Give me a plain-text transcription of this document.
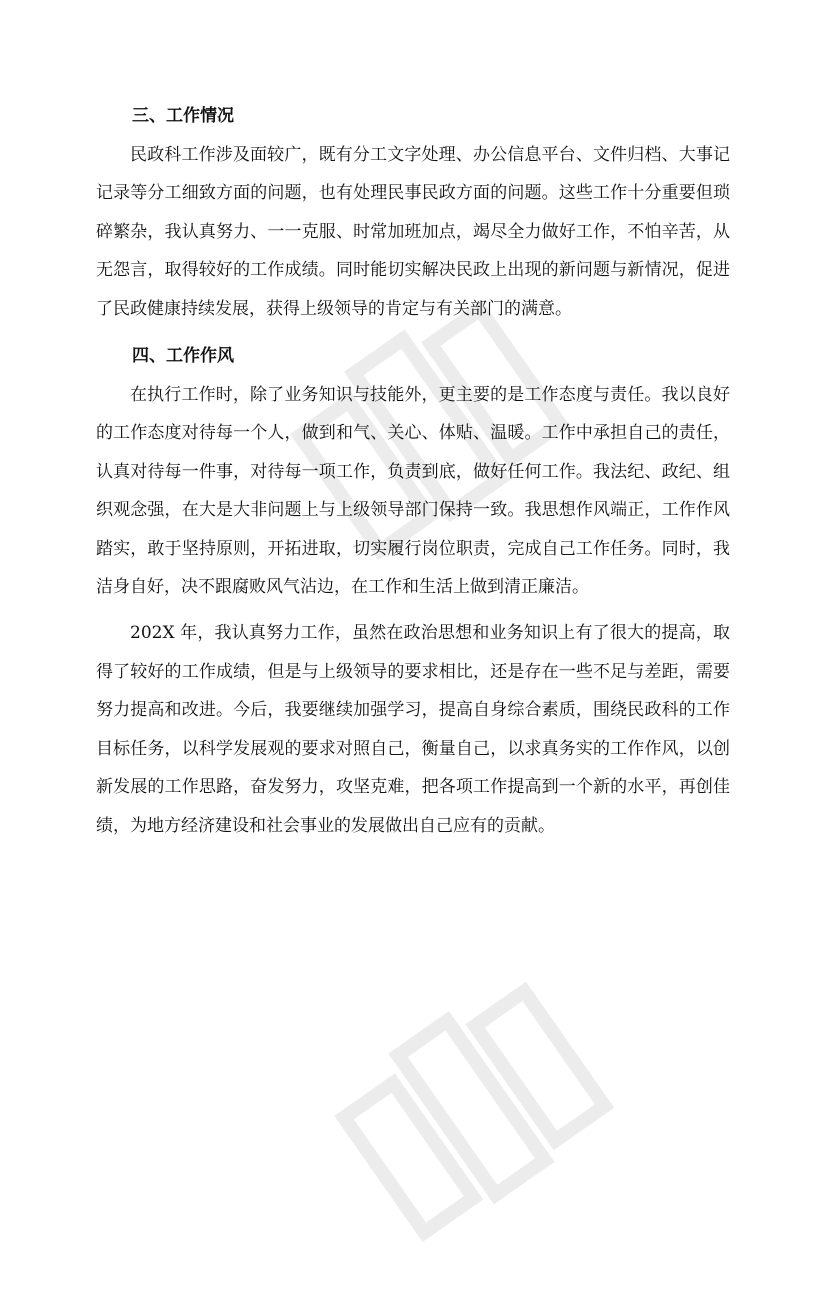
三、工作情况

民政科工作涉及面较广，既有分工文字处理、办公信息平台、文件归档、大事记记录等分工细致方面的问题，也有处理民事民政方面的问题。这些工作十分重要但琐碎繁杂，我认真努力、一一克服、时常加班加点，竭尽全力做好工作，不怕辛苦，从无怨言，取得较好的工作成绩。同时能切实解决民政上出现的新问题与新情况，促进了民政健康持续发展，获得上级领导的肯定与有关部门的满意。

四、工作作风

在执行工作时，除了业务知识与技能外，更主要的是工作态度与责任。我以良好的工作态度对待每一个人，做到和气、关心、体贴、温暖。工作中承担自己的责任，认真对待每一件事，对待每一项工作，负责到底，做好任何工作。我法纪、政纪、组织观念强，在大是大非问题上与上级领导部门保持一致。我思想作风端正，工作作风踏实，敢于坚持原则，开拓进取，切实履行岗位职责，完成自己工作任务。同时，我洁身自好，决不跟腐败风气沾边，在工作和生活上做到清正廉洁。

202X 年，我认真努力工作，虽然在政治思想和业务知识上有了很大的提高，取得了较好的工作成绩，但是与上级领导的要求相比，还是存在一些不足与差距，需要努力提高和改进。今后，我要继续加强学习，提高自身综合素质，围绕民政科的工作目标任务，以科学发展观的要求对照自己，衡量自己，以求真务实的工作作风，以创新发展的工作思路，奋发努力，攻坚克难，把各项工作提高到一个新的水平，再创佳绩，为地方经济建设和社会事业的发展做出自己应有的贡献。
